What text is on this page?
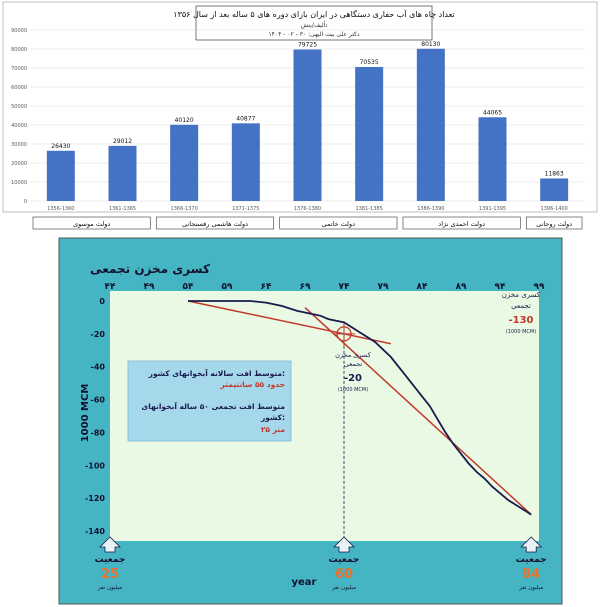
تعداد چاه های آب حفاری دستگاهی در ایران بازای دوره های ۵ ساله بعد از سال ۱۳۵۶
تألیف/ینش
دکتر علی بیت الیهی: ۳۰ - ۰۲ - ۱۴۰۴
0
10000
20000
30000
40000
50000
60000
70000
80000
90000
26430
29012
40120	40877
79725
70535
80130
44065
11863
1356-1360	1361-1365	1366-1370	1371-1375	1376-1380	1381-1385	1386-1390	1391-1395	1396-1400
دولت موسوی	دولت هاشمی رفسنجانی	دولت خاتمی	دولت احمدی نژاد	دولت روحانی
کسری مخزن تجمعی
1000 MCM
year
۴۴	۴۹	۵۴	۵۹	۶۴	۶۹	۷۴	۷۹	۸۴	۸۹	۹۴	۹۹
0
-20
-40
-60
-80
-100
-120
-140
متوسط افت سالانه آبخوانهای کشور:
حدود ۵۵ سانتیمتر
متوسط افت تجمعی ۵۰ ساله آبخوانهای
کشور:
۲۵ متر
کسری مخزن
تجمعی
-20
(1000 MCM)
کسری مخزن
تجمعی
-130
(1000 MCM)
جمعیت
25
میلیون نفر
جمعیت
60
میلیون نفر
جمعیت
84
میلیون نفر
